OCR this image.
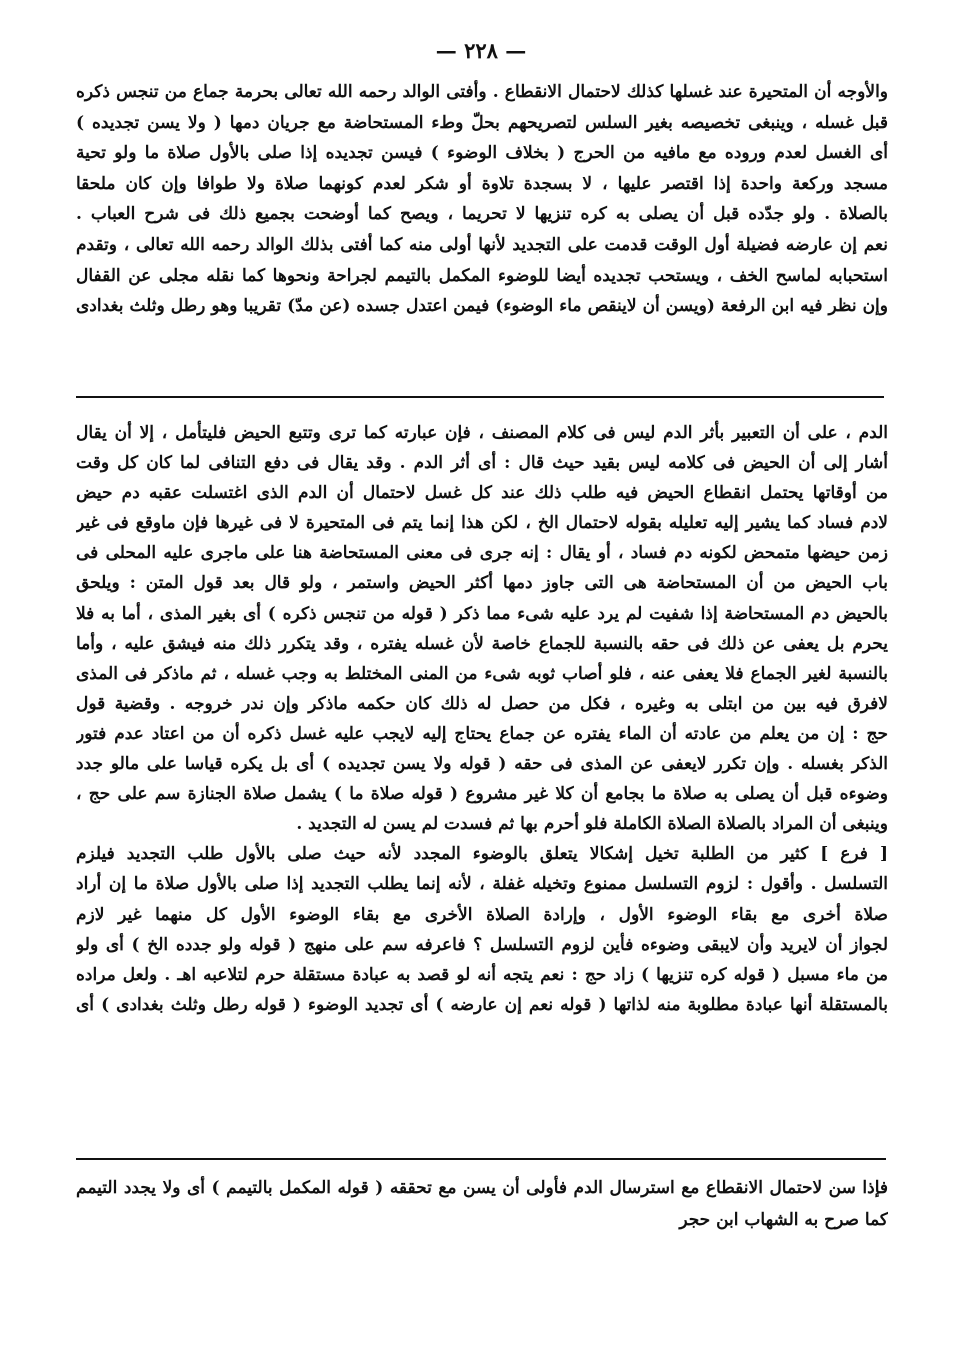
— ٢٢٨ —
والأوجه أن المتحيرة عند غسلها كذلك لاحتمال الانقطاع . وأفتى الوالد رحمه الله تعالى بحرمة جماع من تنجس ذكره
قبل غسله ، وينبغى تخصيصه بغير السلس لتصريحهم بحلّ وطء المستحاضة مع جريان دمها ( ولا يسن تجديده )
أى الغسل لعدم وروده مع مافيه من الحرج ( بخلاف الوضوء ) فيسن تجديده إذا صلى بالأول صلاة ما ولو تحية
مسجد وركعة واحدة إذا اقتصر عليها ، لا بسجدة تلاوة أو شكر لعدم كونهما صلاة ولا طوافا وإن كان ملحقا
بالصلاة . ولو جدّده قبل أن يصلى به كره تنزيها لا تحريما ، ويصح كما أوضحت بجميع ذلك فى شرح العباب .
نعم إن عارضه فضيلة أول الوقت قدمت على التجديد لأنها أولى منه كما أفتى بذلك الوالد رحمه الله تعالى ، وتقدم
استحبابه لماسح الخف ، ويستحب تجديده أيضا للوضوء المكمل بالتيمم لجراحة ونحوها كما نقله مجلى عن القفال
وإن نظر فيه ابن الرفعة (ويسن أن لاينقص ماء الوضوء) فيمن اعتدل جسده (عن مدّ) تقريبا وهو رطل وثلث بغدادى
الدم ، على أن التعبير بأثر الدم ليس فى كلام المصنف ، فإن عبارته كما ترى وتتبع الحيض فليتأمل ، إلا أن يقال
أشار إلى أن الحيض فى كلامه ليس بقيد حيث قال : أى أثر الدم . وقد يقال فى دفع التنافى لما كان كل وقت
من أوقاتها يحتمل انقطاع الحيض فيه طلب ذلك عند كل غسل لاحتمال أن الدم الذى اغتسلت عقبه دم حيض
لادم فساد كما يشير إليه تعليله بقوله لاحتمال الخ ، لكن هذا إنما يتم فى المتحيرة لا فى غيرها فإن ماوقع فى غير
زمن حيضها متمحض لكونه دم فساد ، أو يقال : إنه جرى فى معنى المستحاضة هنا على ماجرى عليه المحلى فى
باب الحيض من أن المستحاضة هى التى جاوز دمها أكثر الحيض واستمر ، ولو قال بعد قول المتن : ويلحق
بالحيض دم المستحاضة إذا شفيت لم يرد عليه شىء مما ذكر ( قوله من تنجس ذكره ) أى بغير المذى ، أما به فلا
يحرم بل يعفى عن ذلك فى حقه بالنسبة للجماع خاصة لأن غسله يفتره ، وقد يتكرر ذلك منه فيشق عليه ، وأما
بالنسبة لغير الجماع فلا يعفى عنه ، فلو أصاب ثوبه شىء من المنى المختلط به وجب غسله ، ثم ماذكر فى المذى
لافرق فيه بين من ابتلى به وغيره ، فكل من حصل له ذلك كان حكمه ماذكر وإن ندر خروجه . وقضية قول
حج : إن من يعلم من عادته أن الماء يفتره عن جماع يحتاج إليه لايجب عليه غسل ذكره أن من اعتاد عدم فتور
الذكر بغسله . وإن تكرر لايعفى عن المذى فى حقه ( قوله ولا يسن تجديده ) أى بل يكره قياسا على مالو جدد
وضوءه قبل أن يصلى به صلاة ما بجامع أن كلا غير مشروع ( قوله صلاة ما ) يشمل صلاة الجنازة سم على حج ،
وينبغى أن المراد بالصلاة الصلاة الكاملة فلو أحرم بها ثم فسدت لم يسن له التجديد .
[ فرع ] كثير من الطلبة تخيل إشكالا يتعلق بالوضوء المجدد لأنه حيث صلى بالأول طلب التجديد فيلزم
التسلسل . وأقول : لزوم التسلسل ممنوع وتخيله غفلة ، لأنه إنما يطلب التجديد إذا صلى بالأول صلاة ما إن أراد
صلاة أخرى مع بقاء الوضوء الأول ، وإرادة الصلاة الأخرى مع بقاء الوضوء الأول كل منهما غير لازم
لجواز أن لايريد وأن لايبقى وضوءه فأين لزوم التسلسل ؟ فاعرفه سم على منهج ( قوله ولو جدده الخ ) أى ولو
من ماء مسبل ( قوله كره تنزيها ) زاد حج : نعم يتجه أنه لو قصد به عبادة مستقلة حرم لتلاعبه اهـ . ولعل مراده
بالمستقلة أنها عبادة مطلوبة منه لذاتها ( قوله نعم إن عارضه ) أى تجديد الوضوء ( قوله رطل وثلث بغدادى ) أى
فإذا سن لاحتمال الانقطاع مع استرسال الدم فأولى أن يسن مع تحققه ( قوله المكمل بالتيمم ) أى ولا يجدد التيمم
كما صرح به الشهاب ابن حجر
